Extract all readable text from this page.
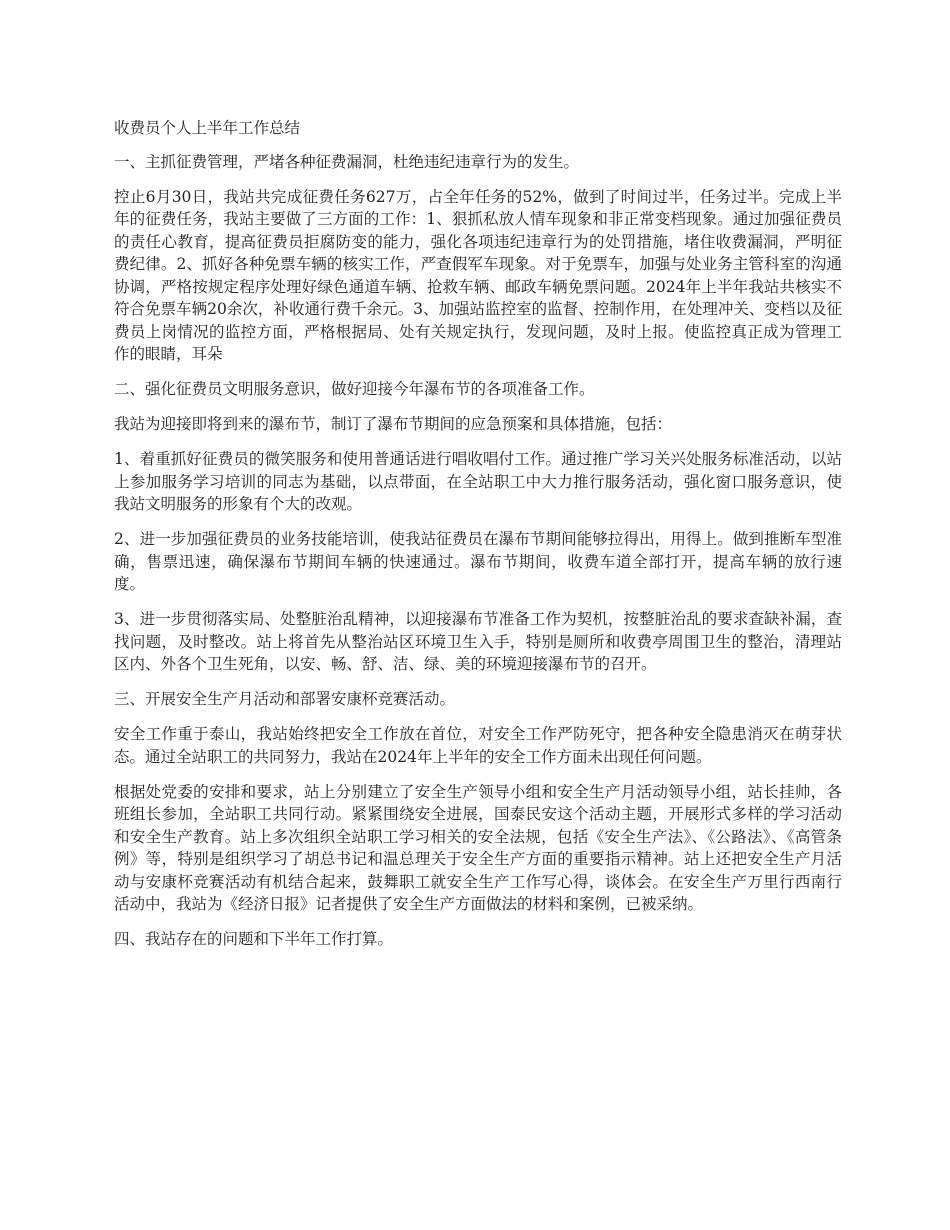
收费员个人上半年工作总结

一、主抓征费管理，严堵各种征费漏洞，杜绝违纪违章行为的发生。

控止6月30日，我站共完成征费任务627万，占全年任务的52%，做到了时间过半，任务过半。完成上半年的征费任务，我站主要做了三方面的工作：1、狠抓私放人情车现象和非正常变档现象。通过加强征费员的责任心教育，提高征费员拒腐防变的能力，强化各项违纪违章行为的处罚措施，堵住收费漏洞，严明征费纪律。2、抓好各种免票车辆的核实工作，严查假军车现象。对于免票车，加强与处业务主管科室的沟通协调，严格按规定程序处理好绿色通道车辆、抢救车辆、邮政车辆免票问题。2024年上半年我站共核实不符合免票车辆20余次，补收通行费千余元。3、加强站监控室的监督、控制作用，在处理冲关、变档以及征费员上岗情况的监控方面，严格根据局、处有关规定执行，发现问题，及时上报。使监控真正成为管理工作的眼睛，耳朵

二、强化征费员文明服务意识，做好迎接今年瀑布节的各项准备工作。

我站为迎接即将到来的瀑布节，制订了瀑布节期间的应急预案和具体措施，包括：

1、着重抓好征费员的微笑服务和使用普通话进行唱收唱付工作。通过推广学习关兴处服务标准活动，以站上参加服务学习培训的同志为基础，以点带面，在全站职工中大力推行服务活动，强化窗口服务意识，使我站文明服务的形象有个大的改观。

2、进一步加强征费员的业务技能培训，使我站征费员在瀑布节期间能够拉得出，用得上。做到推断车型准确，售票迅速，确保瀑布节期间车辆的快速通过。瀑布节期间，收费车道全部打开，提高车辆的放行速度。

3、进一步贯彻落实局、处整脏治乱精神，以迎接瀑布节准备工作为契机，按整脏治乱的要求查缺补漏，查找问题，及时整改。站上将首先从整治站区环境卫生入手，特别是厕所和收费亭周围卫生的整治，清理站区内、外各个卫生死角，以安、畅、舒、洁、绿、美的环境迎接瀑布节的召开。

三、开展安全生产月活动和部署安康杯竞赛活动。

安全工作重于泰山，我站始终把安全工作放在首位，对安全工作严防死守，把各种安全隐患消灭在萌芽状态。通过全站职工的共同努力，我站在2024年上半年的安全工作方面未出现任何问题。

根据处党委的安排和要求，站上分别建立了安全生产领导小组和安全生产月活动领导小组，站长挂帅，各班组长参加，全站职工共同行动。紧紧围绕安全进展，国泰民安这个活动主题，开展形式多样的学习活动和安全生产教育。站上多次组织全站职工学习相关的安全法规，包括《安全生产法》、《公路法》、《高管条例》等，特别是组织学习了胡总书记和温总理关于安全生产方面的重要指示精神。站上还把安全生产月活动与安康杯竞赛活动有机结合起来，鼓舞职工就安全生产工作写心得，谈体会。在安全生产万里行西南行活动中，我站为《经济日报》记者提供了安全生产方面做法的材料和案例，已被采纳。

四、我站存在的问题和下半年工作打算。
